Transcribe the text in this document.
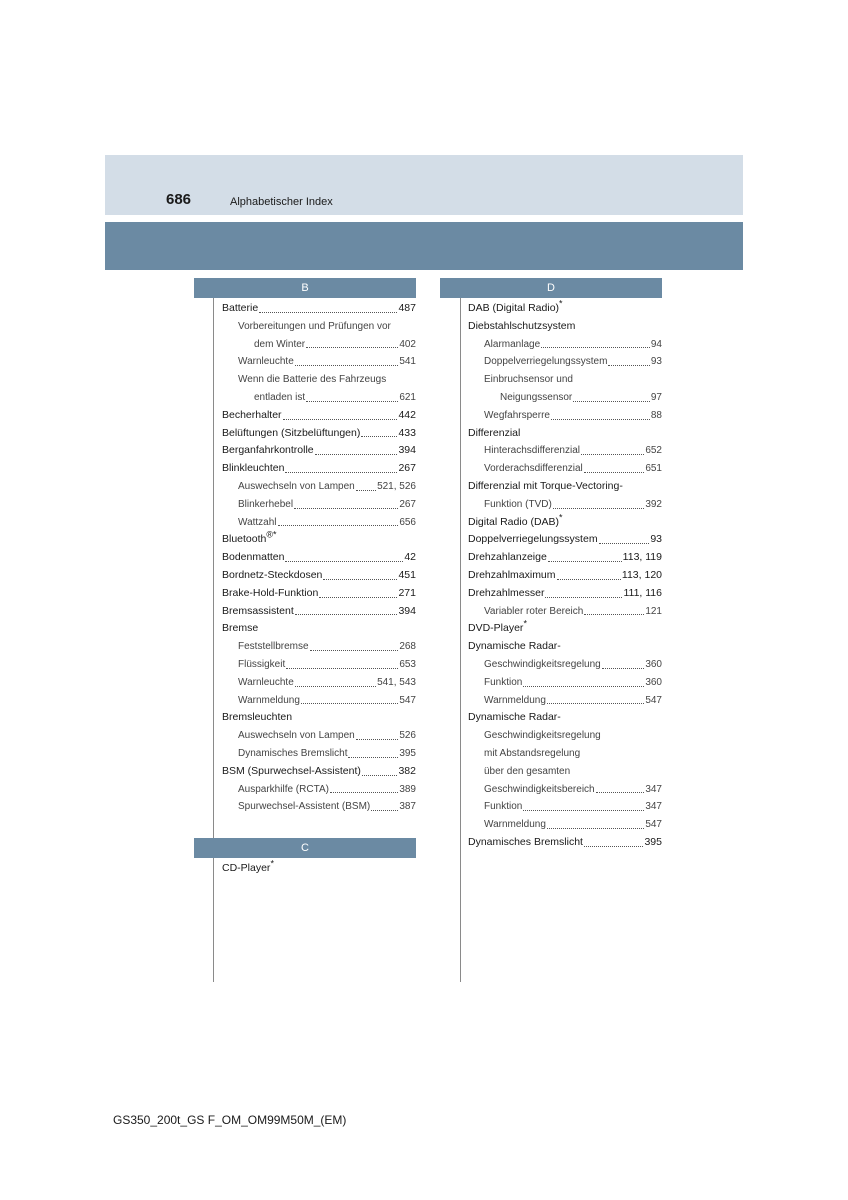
686	Alphabetischer Index
B
Batterie	487
Vorbereitungen und Prüfungen vor
dem Winter	402
Warnleuchte	541
Wenn die Batterie des Fahrzeugs
entladen ist	621
Becherhalter	442
Belüftungen (Sitzbelüftungen)	433
Berganfahrkontrolle	394
Blinkleuchten	267
Auswechseln von Lampen 521, 526
Blinkerhebel	267
Wattzahl	656
Bluetooth®*
Bodenmatten	42
Bordnetz-Steckdosen	451
Brake-Hold-Funktion	271
Bremsassistent	394
Bremse
Feststellbremse	268
Flüssigkeit	653
Warnleuchte	541, 543
Warnmeldung	547
Bremsleuchten
Auswechseln von Lampen	526
Dynamisches Bremslicht	395
BSM (Spurwechsel-Assistent)	382
Ausparkhilfe (RCTA)	389
Spurwechsel-Assistent (BSM)	387
C
CD-Player*
D
DAB (Digital Radio)*
Diebstahlschutzsystem
Alarmanlage	94
Doppelverriegelungssystem	93
Einbruchsensor und
Neigungssensor	97
Wegfahrsperre	88
Differenzial
Hinterachsdifferenzial	652
Vorderachsdifferenzial	651
Differenzial mit Torque-Vectoring-
Funktion (TVD)	392
Digital Radio (DAB)*
Doppelverriegelungssystem	93
Drehzahlanzeige	113, 119
Drehzahlmaximum	113, 120
Drehzahlmesser	111, 116
Variabler roter Bereich	121
DVD-Player*
Dynamische Radar-
Geschwindigkeitsregelung	360
Funktion	360
Warnmeldung	547
Dynamische Radar-
Geschwindigkeitsregelung
mit Abstandsregelung
über den gesamten
Geschwindigkeitsbereich	347
Funktion	347
Warnmeldung	547
Dynamisches Bremslicht	395
GS350_200t_GS F_OM_OM99M50M_(EM)
